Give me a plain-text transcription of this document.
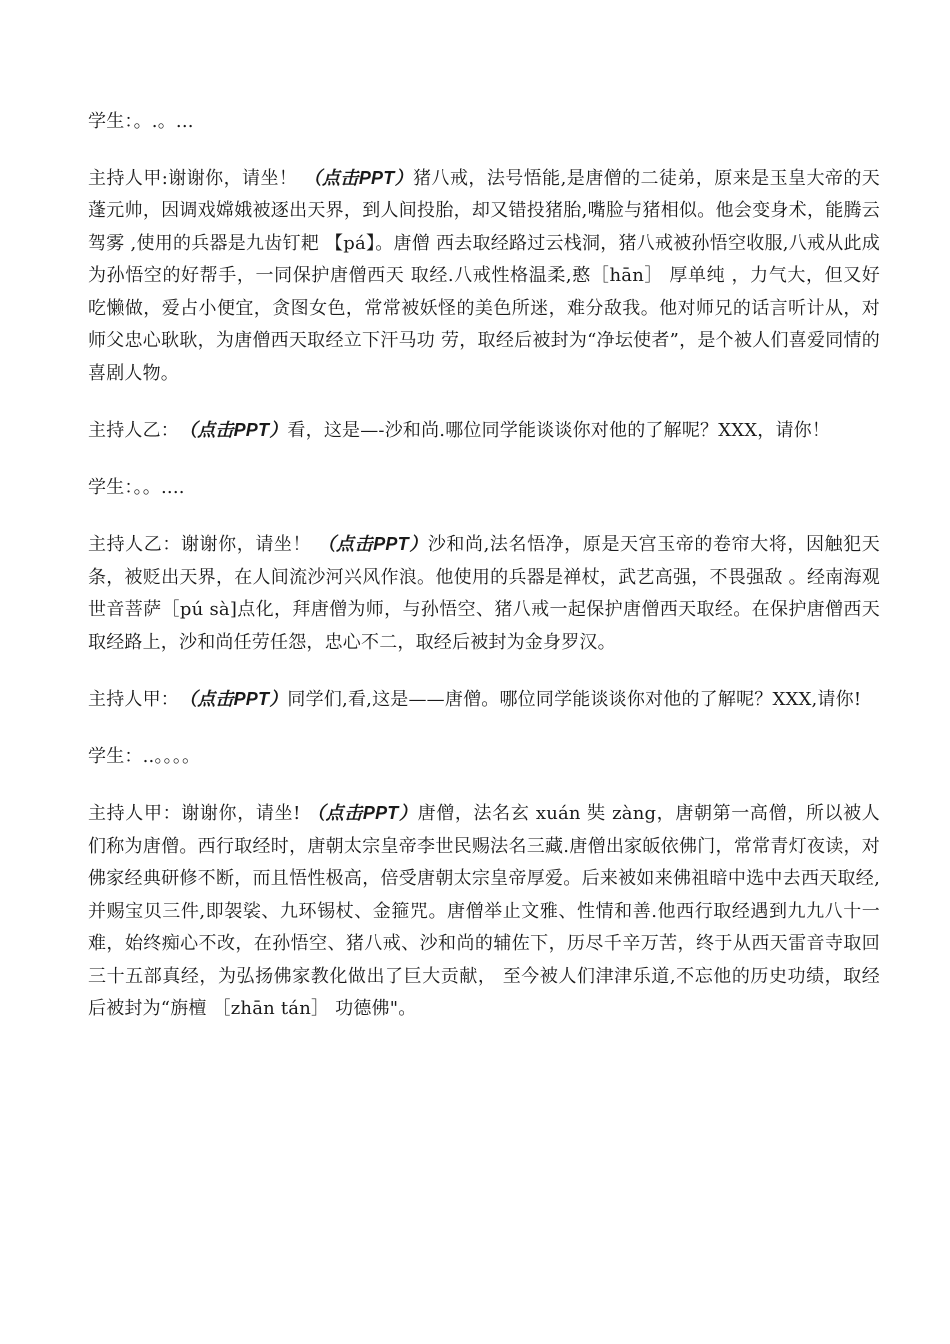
学生：。.。...

主持人甲:谢谢你，请坐！ （点击PPT）猪八戒，法号悟能,是唐僧的二徒弟，原来是玉皇大帝的天蓬元帅，因调戏嫦娥被逐出天界，到人间投胎，却又错投猪胎,嘴脸与猪相似。他会变身术，能腾云驾雾 ,使用的兵器是九齿钉耙 【pá】。唐僧 西去取经路过云栈洞，猪八戒被孙悟空收服,八戒从此成为孙悟空的好帮手，一同保护唐僧西天 取经.八戒性格温柔,憨［hān］ 厚单纯 ，力气大，但又好吃懒做，爱占小便宜，贪图女色，常常被妖怪的美色所迷，难分敌我。他对师兄的话言听计从，对师父忠心耿耿，为唐僧西天取经立下汗马功 劳，取经后被封为“净坛使者”，是个被人们喜爱同情的喜剧人物。

主持人乙：（点击PPT）看，这是—-沙和尚.哪位同学能谈谈你对他的了解呢？XXX，请你！

学生：。。....

主持人乙：谢谢你，请坐！ （点击PPT）沙和尚,法名悟净，原是天宫玉帝的卷帘大将，因触犯天条，被贬出天界，在人间流沙河兴风作浪。他使用的兵器是禅杖，武艺高强，不畏强敌 。经南海观世音菩萨［pú sà]点化，拜唐僧为师，与孙悟空、猪八戒一起保护唐僧西天取经。在保护唐僧西天取经路上，沙和尚任劳任怨，忠心不二，取经后被封为金身罗汉。

主持人甲：（点击PPT）同学们,看,这是——唐僧。哪位同学能谈谈你对他的了解呢？XXX,请你!

学生：..。。。。

主持人甲：谢谢你，请坐! （点击PPT）唐僧，法名玄 xuán 奘 zàng，唐朝第一高僧，所以被人们称为唐僧。西行取经时，唐朝太宗皇帝李世民赐法名三藏.唐僧出家皈依佛门，常常青灯夜读，对佛家经典研修不断，而且悟性极高，倍受唐朝太宗皇帝厚爱。后来被如来佛祖暗中选中去西天取经,并赐宝贝三件,即袈裟、九环锡杖、金箍咒。唐僧举止文雅、性情和善.他西行取经遇到九九八十一难，始终痴心不改，在孙悟空、猪八戒、沙和尚的辅佐下，历尽千辛万苦，终于从西天雷音寺取回三十五部真经，为弘扬佛家教化做出了巨大贡献， 至今被人们津津乐道,不忘他的历史功绩，取经后被封为“旃檀 ［zhān tán］ 功德佛"。
